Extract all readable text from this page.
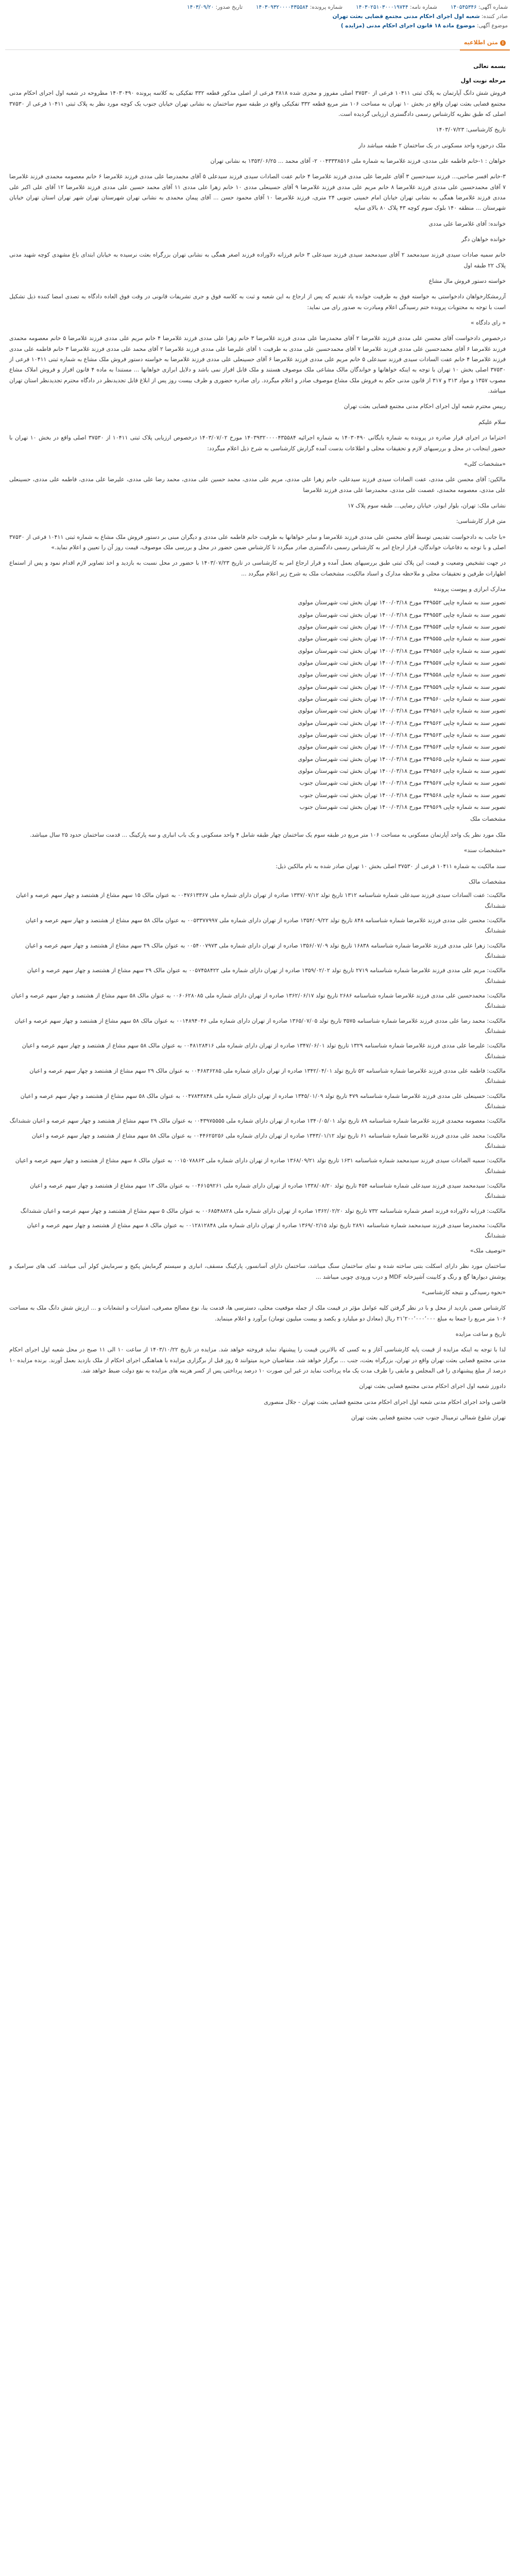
شماره آگهی: ۱۴۰۵۴۵۳۴۶
شماره نامه: ۱۴۰۳۰۲۵۱۰۳۰۰۰۱۹۷۴۴
شماره پرونده: ۱۴۰۳۰۹۳۲۰۰۰۰۴۳۵۵۸۴
تاریخ صدور: ۱۴۰۳/۰۹/۲۰
صادر کننده: شعبه اول اجرای احکام مدنی مجتمع قضایی بعثت تهران
موضوع آگهی: موضوع ماده ۱۸ قانون اجرای احکام مدنی (مزایده )
i
متن اطلاعیه
بسمه تعالی
مرحله نوبت اول

فروش شش دانگ آپارتمان به پلاک ثبتی ۱۰۴۱۱ فرعی از ۳۷۵۳۰ اصلی مفروز و مجزی شده ۳۸۱۸ فرعی از اصلی مذکور قطعه ۳۳۲ تفکیکی به کلاسه پرونده ۱۴۰۳۰۴۹۰ مطروحه در شعبه اول اجرای احکام مدنی مجتمع قضایی بعثت تهران واقع در بخش ۱۰ تهران به مساحت ۱۰۶ متر مربع قطعه ۳۳۲ تفکیکی واقع در طبقه سوم ساختمان به نشانی تهران خیابان جنوب یک کوچه مورد نظر به پلاک ثبتی ۱۰۴۱۱ فرعی از ۳۷۵۳۰ اصلی که طبق نظریه کارشناس رسمی دادگستری ارزیابی گردیده است.

تاریخ کارشناسی: ۱۴۰۳/۰۷/۲۳

ملک درحوزه واحد مسکونی در یک ساختمان ۲ طبقه میباشد دار

خواهان : ۱-خانم فاطمه علی مددی، فرزند غلامرضا به شماره ملی ۰۰۴۳۳۳۸۵۱۶ ۲- آقای محمد ... ۱۳۵۳/۰۶/۲۵ به نشانی تهران

۳-خانم افسر صاحبی... فرزند سیدحسین ۳ آقای علیرضا علی مددی فرزند غلامرضا ۴ خانم عفت الصادات سیدی فرزند سیدعلی ۵ آقای محمدرضا علی مددی فرزند غلامرضا ۶ خانم معصومه محمدی فرزند غلامرضا ۷ آقای محمدحسین علی مددی فرزند غلامرضا ۸ خانم مریم علی مددی فرزند غلامرضا ۹ آقای حسینعلی مددی ۱۰ خانم زهرا علی مددی ۱۱ آقای محمد حسین علی مددی فرزند غلامرضا ۱۲ آقای علی اکبر علی مددی فرزند غلامرضا همگی به نشانی تهران خیابان امام خمینی جنوبی ۲۴ متری، فرزند غلامرضا ۱۰ آقای محمود حسن ... آقای پیمان محمدی به نشانی تهران شهرستان تهران شهر تهران استان تهران خیابان شهرستان ... منطقه ۱۴۰ بلوک سوم کوچه ۴۳ پلاک ۸۰ بالای سایه

خوانده: آقای غلامرضا علی مددی

خوانده خواهان دگر

خانم سمیه صادات سیدی فرزند سیدمحمد ۲ آقای سیدمحمد سیدی فرزند سیدعلی ۳ خانم فرزانه دلاوراده فرزند اصغر همگی به نشانی تهران بزرگراه بعثت نرسیده به خیابان ابتدای باغ مشهدی کوچه شهید مدنی پلاک ۲۲ طبقه اول

خواسته دستور فروش مال مشاع

آزرمشکارخواهان دادخواستی به خواسته فوق به طرفیت خوانده یاد تقدیم که پس از ارجاع به این شعبه و ثبت به کلاسه فوق و جری تشریفات قانونی در وقت فوق العاده دادگاه به تصدی امضا کننده ذیل تشکیل است با توجه به محتویات پرونده ختم رسیدگی اعلام ومبادرت به صدور رای می نماید:

« رای دادگاه »

درخصوص دادخواست آقای محسن علی مددی فرزند غلامرضا ۲ آقای محمدرضا علی مددی فرزند غلامرضا ۳ خانم زهرا علی مددی فرزند غلامرضا ۴ خانم مریم علی مددی فرزند غلامرضا ۵ خانم معصومه محمدی فرزند غلامرضا ۶ آقای محمدحسین علی مددی فرزند غلامرضا ۷ آقای محمدحسین علی مددی به طرفیت ۱ آقای علیرضا علی مددی فرزند غلامرضا ۲ آقای محمد علی مددی فرزند غلامرضا ۳ خانم فاطمه علی مددی فرزند غلامرضا ۴ خانم عفت السادات سیدی فرزند سیدعلی ۵ خانم مریم علی مددی فرزند غلامرضا ۶ آقای حسینعلی علی مددی فرزند غلامرضا به خواسته دستور فروش ملک مشاع به شماره ثبتی ۱۰۴۱۱ فرعی از ۳۷۵۳۰ اصلی بخش ۱۰ تهران با توجه به اینکه خواهانها و خواندگان مالک مشاعی ملک موصوف هستند و ملک قابل افراز نمی باشد و دلایل ابرازی خواهانها ... مستندا به ماده ۴ قانون افراز و فروش املاک مشاع مصوب ۱۳۵۷ و مواد ۳۱۳ و ۳۱۷ از قانون مدنی حکم به فروش ملک مشاع موصوف صادر و اعلام میگردد. رای صادره حضوری و ظرف بیست روز پس از ابلاغ قابل تجدیدنظر در دادگاه محترم تجدیدنظر استان تهران میباشد.

رییس محترم شعبه اول اجرای احکام مدنی مجتمع قضایی بعثت تهران

سلام علیکم

احتراما در اجرای قرار صادره در پرونده به شماره بایگانی ۱۴۰۳۰۴۹۰ به شماره اجرائیه ۱۴۰۳۹۳۲۰۰۰۰۴۳۵۵۸۴ مورخ ۱۴۰۳/۰۷/۰۲ درخصوص ارزیابی پلاک ثبتی ۱۰۴۱۱ از ۳۷۵۳۰ اصلی واقع در بخش ۱۰ تهران با حضور اینجانب در محل و بررسیهای لازم و تحقیقات محلی و اطلاعات بدست آمده گزارش کارشناسی به شرح ذیل اعلام میگردد:

«مشخصات کلی»

مالکین: آقای محسن علی مددی، عفت الصادات سیدی فرزند سیدعلی، خانم زهرا علی مددی، مریم علی مددی، محمد حسین علی مددی، محمد رضا علی مددی، علیرضا علی مددی، فاطمه علی مددی، حسینعلی علی مددی، معصومه محمدی، عصمت علی مددی، محمدرضا علی مددی فرزند غلامرضا

نشانی ملک: تهران، بلوار ابوذر، خیابان رضایی... طبقه سوم پلاک ۱۷

متن قرار کارشناسی:

«با جانب به دادخواست تقدیمی توسط آقای محسن علی مددی فرزند غلامرضا و سایر خواهانها به طرفیت خانم فاطمه علی مددی و دیگران مبنی بر دستور فروش ملک مشاع به شماره ثبتی ۱۰۴۱۱ فرعی از ۳۷۵۳۰ اصلی و با توجه به دفاعیات خواندگان، قرار ارجاع امر به کارشناس رسمی دادگستری صادر میگردد تا کارشناس ضمن حضور در محل و بررسی ملک موصوف، قیمت روز آن را تعیین و اعلام نماید.»

در جهت تشخیص وضعیت و قیمت این پلاک ثبتی طبق بررسیهای بعمل آمده و قرار ارجاع امر به کارشناسی در تاریخ ۱۴۰۳/۰۷/۲۳ با حضور در محل نسبت به بازدید و اخذ تصاویر لازم اقدام نمود و پس از استماع اظهارات طرفین و تحقیقات محلی و ملاحظه مدارک و اسناد مالکیت، مشخصات ملک به شرح زیر اعلام میگردد ...

مدارک ابرازی و پیوست پرونده
تصویر سند به شماره چاپی ۳۴۹۵۵۲ مورخ ۱۴۰۰/۰۳/۱۸ تهران بخش ثبت شهرستان مولوی
تصویر سند به شماره چاپی ۳۴۹۵۵۳ مورخ ۱۴۰۰/۰۳/۱۸ تهران بخش ثبت شهرستان مولوی
تصویر سند به شماره چاپی ۳۴۹۵۵۴ مورخ ۱۴۰۰/۰۳/۱۸ تهران بخش ثبت شهرستان مولوی
تصویر سند به شماره چاپی ۳۴۹۵۵۵ مورخ ۱۴۰۰/۰۳/۱۸ تهران بخش ثبت شهرستان مولوی
تصویر سند به شماره چاپی ۳۴۹۵۵۶ مورخ ۱۴۰۰/۰۳/۱۸ تهران بخش ثبت شهرستان مولوی
تصویر سند به شماره چاپی ۳۴۹۵۵۷ مورخ ۱۴۰۰/۰۳/۱۸ تهران بخش ثبت شهرستان مولوی
تصویر سند به شماره چاپی ۳۴۹۵۵۸ مورخ ۱۴۰۰/۰۳/۱۸ تهران بخش ثبت شهرستان مولوی
تصویر سند به شماره چاپی ۳۴۹۵۵۹ مورخ ۱۴۰۰/۰۳/۱۸ تهران بخش ثبت شهرستان مولوی
تصویر سند به شماره چاپی ۳۴۹۵۶۰ مورخ ۱۴۰۰/۰۳/۱۸ تهران بخش ثبت شهرستان مولوی
تصویر سند به شماره چاپی ۳۴۹۵۶۱ مورخ ۱۴۰۰/۰۳/۱۸ تهران بخش ثبت شهرستان مولوی
تصویر سند به شماره چاپی ۳۴۹۵۶۲ مورخ ۱۴۰۰/۰۳/۱۸ تهران بخش ثبت شهرستان مولوی
تصویر سند به شماره چاپی ۳۴۹۵۶۳ مورخ ۱۴۰۰/۰۳/۱۸ تهران بخش ثبت شهرستان مولوی
تصویر سند به شماره چاپی ۳۴۹۵۶۴ مورخ ۱۴۰۰/۰۳/۱۸ تهران بخش ثبت شهرستان مولوی
تصویر سند به شماره چاپی ۳۴۹۵۶۵ مورخ ۱۴۰۰/۰۳/۱۸ تهران بخش ثبت شهرستان مولوی
تصویر سند به شماره چاپی ۳۴۹۵۶۶ مورخ ۱۴۰۰/۰۳/۱۸ تهران بخش ثبت شهرستان مولوی
تصویر سند به شماره چاپی ۳۴۹۵۶۷ مورخ ۱۴۰۰/۰۳/۱۸ تهران بخش ثبت شهرستان جنوب
تصویر سند به شماره چاپی ۳۴۹۵۶۸ مورخ ۱۴۰۰/۰۳/۱۸ تهران بخش ثبت شهرستان جنوب
تصویر سند به شماره چاپی ۳۴۹۵۶۹ مورخ ۱۴۰۰/۰۳/۱۸ تهران بخش ثبت شهرستان جنوب

مشخصات ملک

ملک مورد نظر یک واحد آپارتمان مسکونی به مساحت ۱۰۶ متر مربع در طبقه سوم یک ساختمان چهار طبقه شامل ۴ واحد مسکونی و یک باب انباری و سه پارکینگ ... قدمت ساختمان حدود ۲۵ سال میباشد.

«مشخصات سند»

سند مالکیت به شماره ۱۰۴۱۱ فرعی از ۳۷۵۳۰ اصلی بخش ۱۰ تهران صادر شده به نام مالکین ذیل:

مشخصات مالک
مالکیت: عفت السادات سیدی فرزند سیدعلی شماره شناسنامه ۱۳۱۲ تاریخ تولد ۱۳۳۷/۰۷/۱۲ صادره از تهران دارای شماره ملی ۰۰۴۷۶۱۳۳۶۷ به عنوان مالک ۱۵ سهم مشاع از هشتصد و چهار سهم عرصه و اعیان ششدانگ
مالکیت: محسن علی مددی فرزند غلامرضا شماره شناسنامه ۸۴۸ تاریخ تولد ۱۳۵۴/۰۹/۲۲ صادره از تهران دارای شماره ملی ۰۰۵۳۳۷۷۹۹۷ به عنوان مالک ۵۸ سهم مشاع از هشتصد و چهار سهم عرصه و اعیان ششدانگ
مالکیت: زهرا علی مددی فرزند غلامرضا شماره شناسنامه ۱۶۸۳۸ تاریخ تولد ۱۳۵۶/۰۷/۰۹ صادره از تهران دارای شماره ملی ۰۰۵۴۰۰۷۹۷۳ به عنوان مالک ۲۹ سهم مشاع از هشتصد و چهار سهم عرصه و اعیان ششدانگ
مالکیت: مریم علی مددی فرزند غلامرضا شماره شناسنامه ۲۷۱۹ تاریخ تولد ۱۳۵۹/۰۲/۰۲ صادره از تهران دارای شماره ملی ۰۰۵۷۴۵۸۴۲۲ به عنوان مالک ۲۹ سهم مشاع از هشتصد و چهار سهم عرصه و اعیان ششدانگ
مالکیت: محمدحسین علی مددی فرزند غلامرضا شماره شناسنامه ۲۶۸۶ تاریخ تولد ۱۳۶۲/۰۶/۱۷ صادره از تهران دارای شماره ملی ۰۰۶۰۶۲۸۰۸۵ به عنوان مالک ۵۸ سهم مشاع از هشتصد و چهار سهم عرصه و اعیان ششدانگ
مالکیت: محمد رضا علی مددی فرزند غلامرضا شماره شناسنامه ۳۵۷۵ تاریخ تولد ۱۳۶۵/۰۷/۰۵ صادره از تهران دارای شماره ملی ۰۰۱۴۸۹۴۰۴۶ به عنوان مالک ۵۸ سهم مشاع از هشتصد و چهار سهم عرصه و اعیان ششدانگ
مالکیت: علیرضا علی مددی فرزند غلامرضا شماره شناسنامه ۱۳۲۹ تاریخ تولد ۱۳۴۷/۰۶/۰۱ صادره از تهران دارای شماره ملی ۰۰۴۸۱۲۸۴۱۶ به عنوان مالک ۵۸ سهم مشاع از هشتصد و چهار سهم عرصه و اعیان ششدانگ
مالکیت: فاطمه علی مددی فرزند غلامرضا شماره شناسنامه ۵۲ تاریخ تولد ۱۳۴۲/۰۴/۰۱ صادره از تهران دارای شماره ملی ۰۰۴۶۸۳۶۲۸۵ به عنوان مالک ۲۹ سهم مشاع از هشتصد و چهار سهم عرصه و اعیان ششدانگ
مالکیت: حسینعلی علی مددی فرزند غلامرضا شماره شناسنامه ۴۷۹ تاریخ تولد ۱۳۴۵/۰۱/۰۹ صادره از تهران دارای شماره ملی ۰۰۴۷۸۴۳۸۴۸ به عنوان مالک ۵۸ سهم مشاع از هشتصد و چهار سهم عرصه و اعیان ششدانگ
مالکیت: معصومه محمدی فرزند غلامرضا شماره شناسنامه ۸۹ تاریخ تولد ۱۳۴۰/۰۵/۰۱ صادره از تهران دارای شماره ملی ۰۰۴۳۹۷۵۵۵۵ به عنوان مالک ۲۹ سهم مشاع از هشتصد و چهار سهم عرصه و اعیان ششدانگ
مالکیت: محمد علی مددی فرزند غلامرضا شماره شناسنامه ۶۱ تاریخ تولد ۱۳۴۳/۰۱/۱۲ صادره از تهران دارای شماره ملی ۰۰۴۴۶۲۵۲۵۶ به عنوان مالک ۵۸ سهم مشاع از هشتصد و چهار سهم عرصه و اعیان ششدانگ
مالکیت: سمیه الصادات سیدی فرزند سیدمحمد شماره شناسنامه ۱۶۳۱ تاریخ تولد ۱۳۶۸/۰۹/۲۱ صادره از تهران دارای شماره ملی ۰۰۱۵۰۷۸۸۶۳ به عنوان مالک ۸ سهم مشاع از هشتصد و چهار سهم عرصه و اعیان ششدانگ
مالکیت: سیدمحمد سیدی فرزند سیدعلی شماره شناسنامه ۴۵۴ تاریخ تولد ۱۳۳۸/۰۸/۲۰ صادره از تهران دارای شماره ملی ۰۰۴۶۱۵۹۲۶۱ به عنوان مالک ۱۳ سهم مشاع از هشتصد و چهار سهم عرصه و اعیان ششدانگ
مالکیت: فرزانه دلاوراده فرزند اصغر شماره شناسنامه ۷۳۲ تاریخ تولد ۱۳۶۲/۰۲/۲۰ صادره از تهران دارای شماره ملی ۰۰۶۸۵۴۸۸۲۸ به عنوان مالک ۵ سهم مشاع از هشتصد و چهار سهم عرصه و اعیان ششدانگ
مالکیت: محمدرضا سیدی فرزند سیدمحمد شماره شناسنامه ۲۸۹۱ تاریخ تولد ۱۳۶۹/۰۲/۱۵ صادره از تهران دارای شماره ملی ۰۰۱۲۸۱۲۸۴۸ به عنوان مالک ۸ سهم مشاع از هشتصد و چهار سهم عرصه و اعیان ششدانگ

«توصیف ملک»

ساختمان مورد نظر دارای اسکلت بتنی ساخته شده و نمای ساختمان سنگ میباشد، ساختمان دارای آسانسور، پارکینگ مسقف، انباری و سیستم گرمایش پکیج و سرمایش کولر آبی میباشد. کف های سرامیک و پوشش دیوارها گچ و رنگ و کابینت آشپزخانه MDF و درب ورودی چوبی میباشد ...

«نحوه رسیدگی و نتیجه کارشناسی»

کارشناس ضمن بازدید از محل و با در نظر گرفتن کلیه عوامل مؤثر در قیمت ملک از جمله موقعیت محلی، دسترسی ها، قدمت بنا، نوع مصالح مصرفی، امتیازات و انشعابات و ... ارزش شش دانگ ملک به مساحت ۱۰۶ متر مربع را جمعا به مبلغ ۲۱٬۲۰۰٬۰۰۰٬۰۰۰ ریال (معادل دو میلیارد و یکصد و بیست میلیون تومان) برآورد و اعلام مینماید.

تاریخ و ساعت مزایده

لذا با توجه به اینکه مزایده از قیمت پایه کارشناسی آغاز و به کسی که بالاترین قیمت را پیشنهاد نماید فروخته خواهد شد. مزایده در تاریخ ۱۴۰۳/۱۰/۲۲ از ساعت ۱۰ الی ۱۱ صبح در محل شعبه اول اجرای احکام مدنی مجتمع قضایی بعثت تهران واقع در تهران، بزرگراه بعثت، جنب ... برگزار خواهد شد. متقاضیان خرید میتوانند ۵ روز قبل از برگزاری مزایده با هماهنگی اجرای احکام از ملک بازدید بعمل آورند. برنده مزایده ۱۰ درصد از مبلغ پیشنهادی را فی المجلس و مابقی را ظرف مدت یک ماه پرداخت نماید در غیر این صورت ۱۰ درصد پرداختی پس از کسر هزینه های مزایده به نفع دولت ضبط خواهد شد.

دادورز شعبه اول اجرای احکام مدنی مجتمع قضایی بعثت تهران

قاضی واحد اجرای احکام مدنی شعبه اول اجرای احکام مدنی مجتمع قضایی بعثت تهران - جلال منصوری

تهران شلوغ شمالی ترمینال جنوب جنب مجتمع قضایی بعثت تهران
